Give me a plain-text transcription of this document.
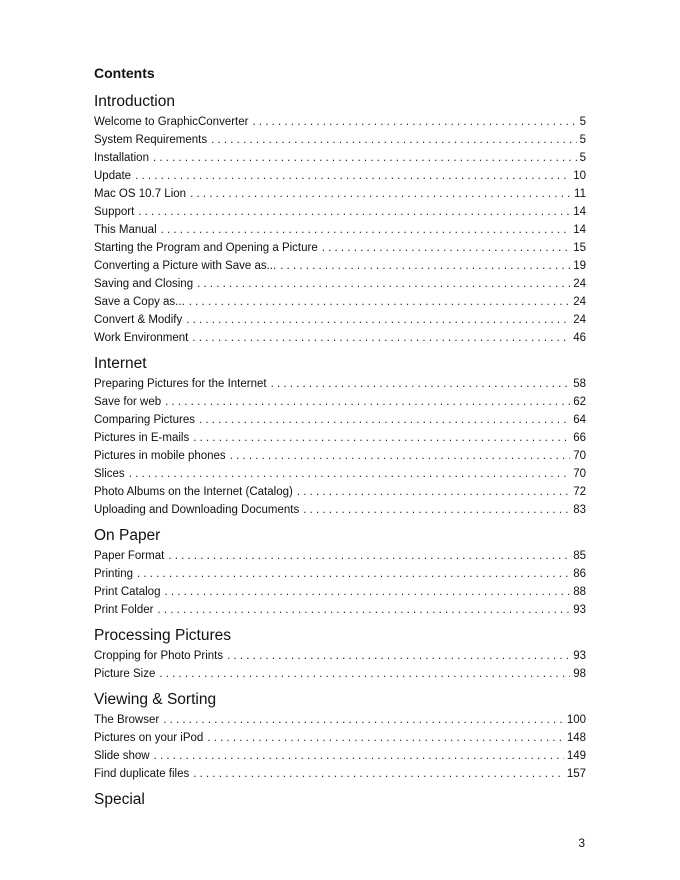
Contents
Introduction
Welcome to GraphicConverter . . .	5
System Requirements . . .	5
Installation . . .	5
Update . . .	10
Mac OS 10.7 Lion . . .	11
Support . . .	14
This Manual . . .	14
Starting the Program and Opening a Picture . . .	15
Converting a Picture with Save as... . . .	19
Saving and Closing . . .	24
Save a Copy as... . . .	24
Convert & Modify . . .	24
Work Environment . . .	46
Internet
Preparing Pictures for the Internet . . .	58
Save for web . . .	62
Comparing Pictures . . .	64
Pictures in E-mails . . .	66
Pictures in mobile phones . . .	70
Slices . . .	70
Photo Albums on the Internet (Catalog) . . .	72
Uploading and Downloading Documents . . .	83
On Paper
Paper Format . . .	85
Printing . . .	86
Print Catalog . . .	88
Print Folder . . .	93
Processing Pictures
Cropping for Photo Prints . . .	93
Picture Size . . .	98
Viewing & Sorting
The Browser . . .	100
Pictures on your iPod . . .	148
Slide show . . .	149
Find duplicate files . . .	157
Special
3
